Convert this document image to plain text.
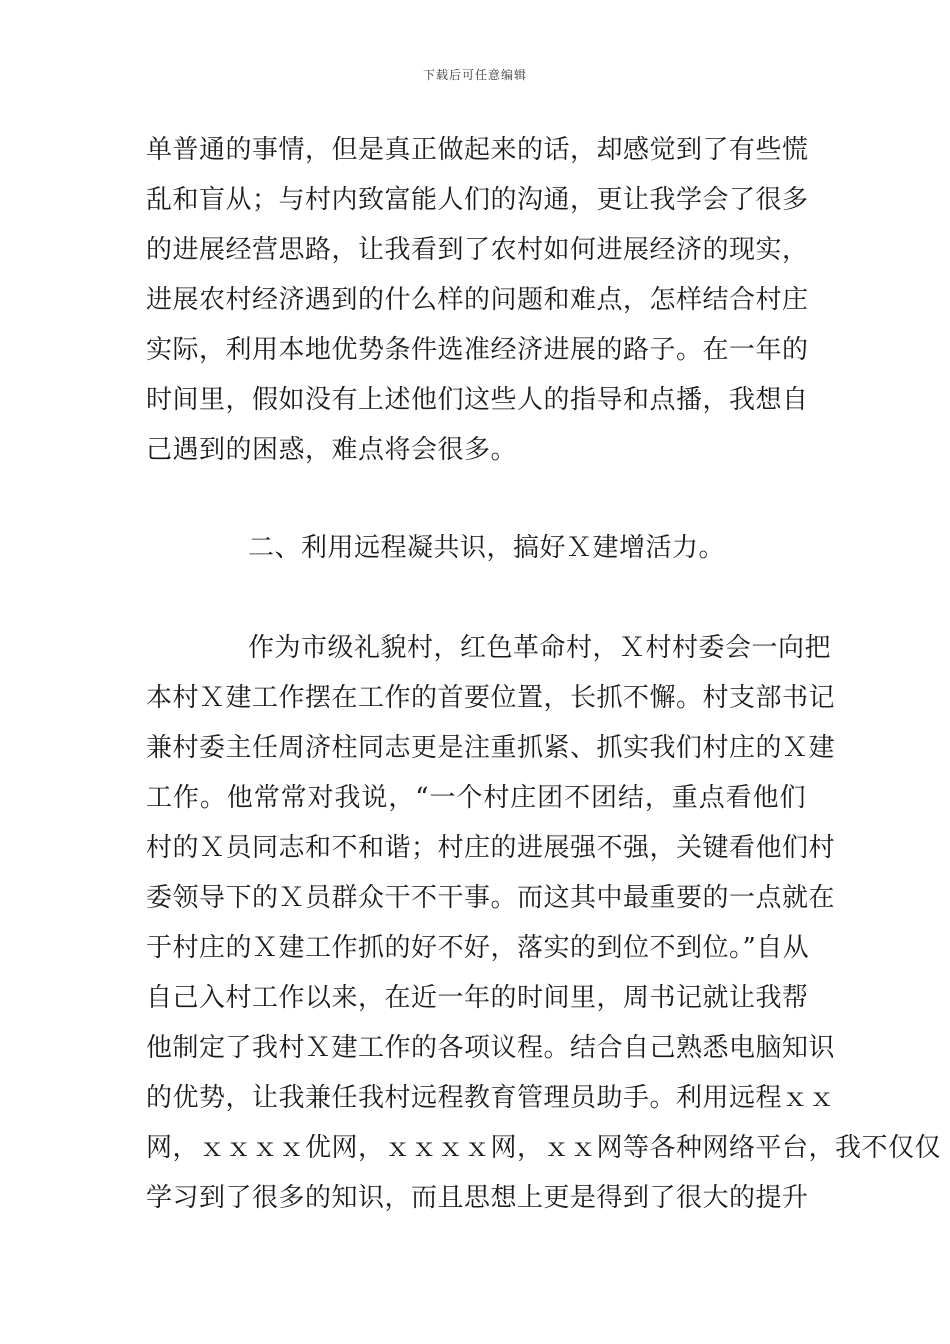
下载后可任意编辑
单普通的事情，但是真正做起来的话，却感觉到了有些慌
乱和盲从；与村内致富能人们的沟通，更让我学会了很多
的进展经营思路，让我看到了农村如何进展经济的现实，
进展农村经济遇到的什么样的问题和难点，怎样结合村庄
实际，利用本地优势条件选准经济进展的路子。在一年的
时间里，假如没有上述他们这些人的指导和点播，我想自
己遇到的困惑，难点将会很多。
二、利用远程凝共识，搞好Ｘ建增活力。
作为市级礼貌村，红色革命村，Ｘ村村委会一向把
本村Ｘ建工作摆在工作的首要位置，长抓不懈。村支部书记
兼村委主任周济柱同志更是注重抓紧、抓实我们村庄的Ｘ建
工作。他常常对我说，“一个村庄团不团结，重点看他们
村的Ｘ员同志和不和谐；村庄的进展强不强，关键看他们村
委领导下的Ｘ员群众干不干事。而这其中最重要的一点就在
于村庄的Ｘ建工作抓的好不好，落实的到位不到位。”自从
自己入村工作以来，在近一年的时间里，周书记就让我帮
他制定了我村Ｘ建工作的各项议程。结合自己熟悉电脑知识
的优势，让我兼任我村远程教育管理员助手。利用远程ｘｘ
网，ｘｘｘｘ优网，ｘｘｘｘ网，ｘｘ网等各种网络平台，我不仅仅
学习到了很多的知识，而且思想上更是得到了很大的提升
